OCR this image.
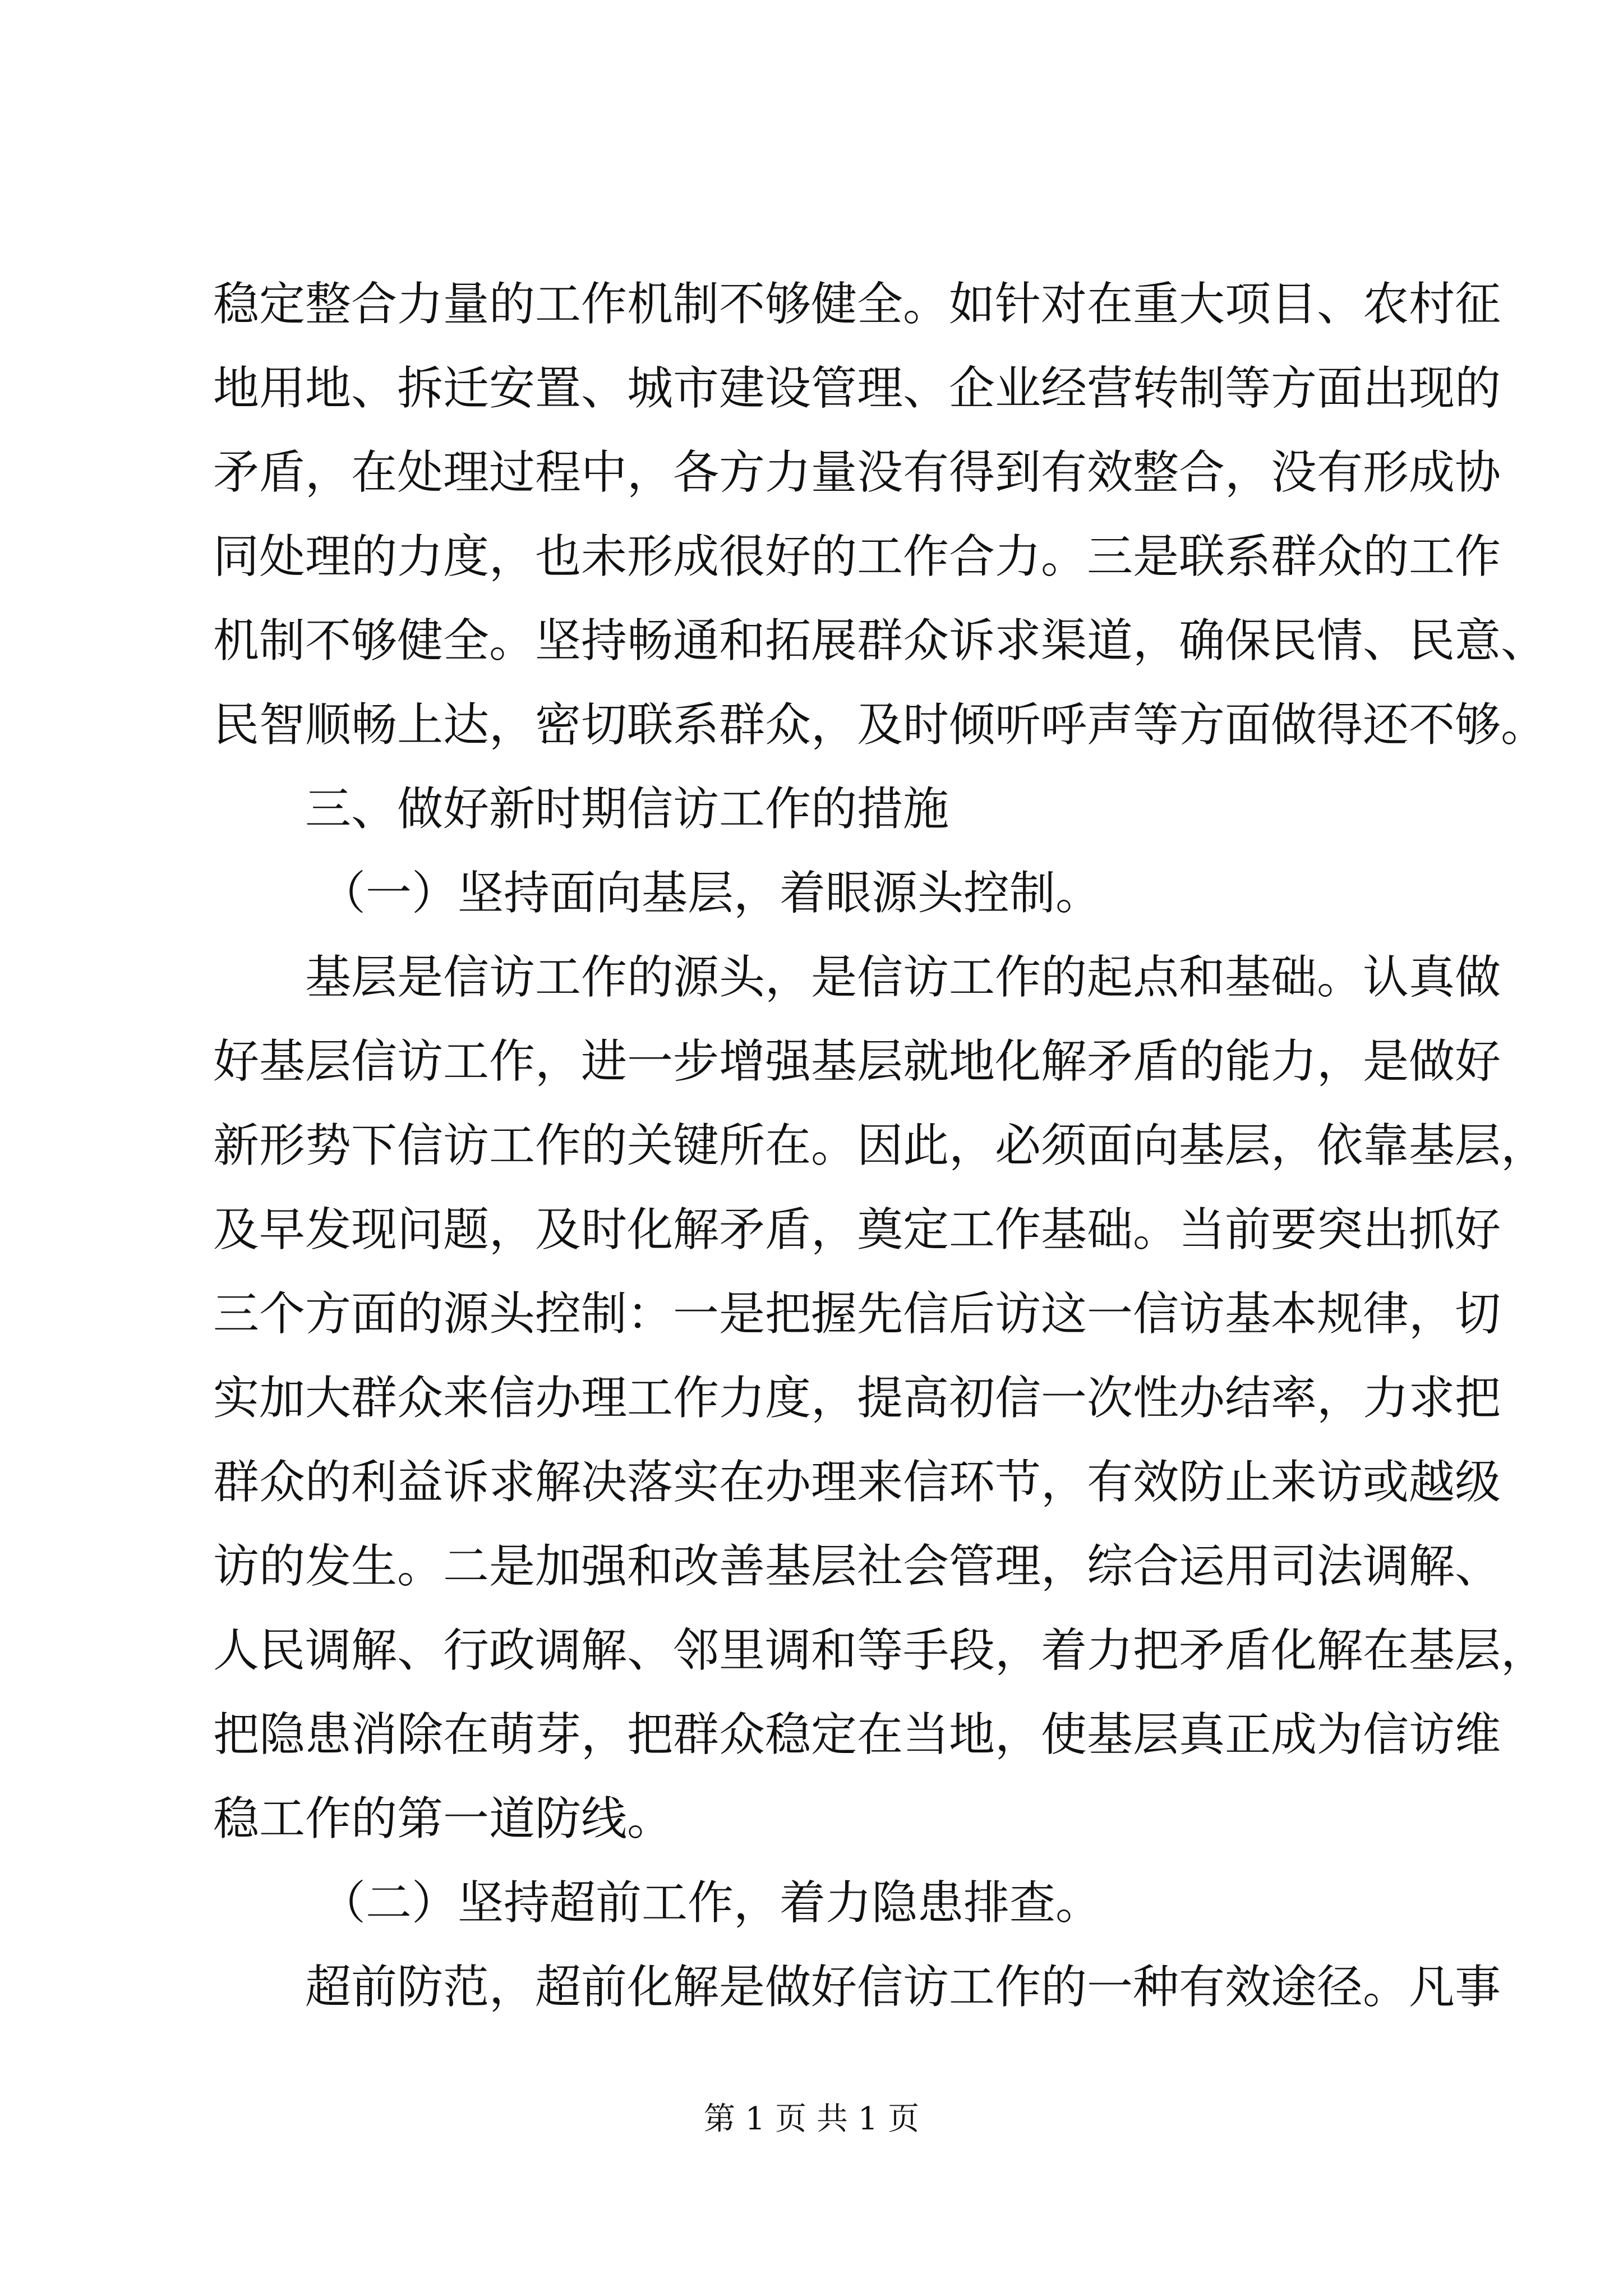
稳定整合力量的工作机制不够健全。如针对在重大项目、农村征
地用地、拆迁安置、城市建设管理、企业经营转制等方面出现的
矛盾，在处理过程中，各方力量没有得到有效整合，没有形成协
同处理的力度，也未形成很好的工作合力。三是联系群众的工作
机制不够健全。坚持畅通和拓展群众诉求渠道，确保民情、民意、
民智顺畅上达，密切联系群众，及时倾听呼声等方面做得还不够。
三、做好新时期信访工作的措施
（一）坚持面向基层，着眼源头控制。
基层是信访工作的源头，是信访工作的起点和基础。认真做
好基层信访工作，进一步增强基层就地化解矛盾的能力，是做好
新形势下信访工作的关键所在。因此，必须面向基层，依靠基层，
及早发现问题，及时化解矛盾，奠定工作基础。当前要突出抓好
三个方面的源头控制：一是把握先信后访这一信访基本规律，切
实加大群众来信办理工作力度，提高初信一次性办结率，力求把
群众的利益诉求解决落实在办理来信环节，有效防止来访或越级
访的发生。二是加强和改善基层社会管理，综合运用司法调解、
人民调解、行政调解、邻里调和等手段，着力把矛盾化解在基层，
把隐患消除在萌芽，把群众稳定在当地，使基层真正成为信访维
稳工作的第一道防线。
（二）坚持超前工作，着力隐患排查。
超前防范，超前化解是做好信访工作的一种有效途径。凡事
第 1 页 共 1 页
